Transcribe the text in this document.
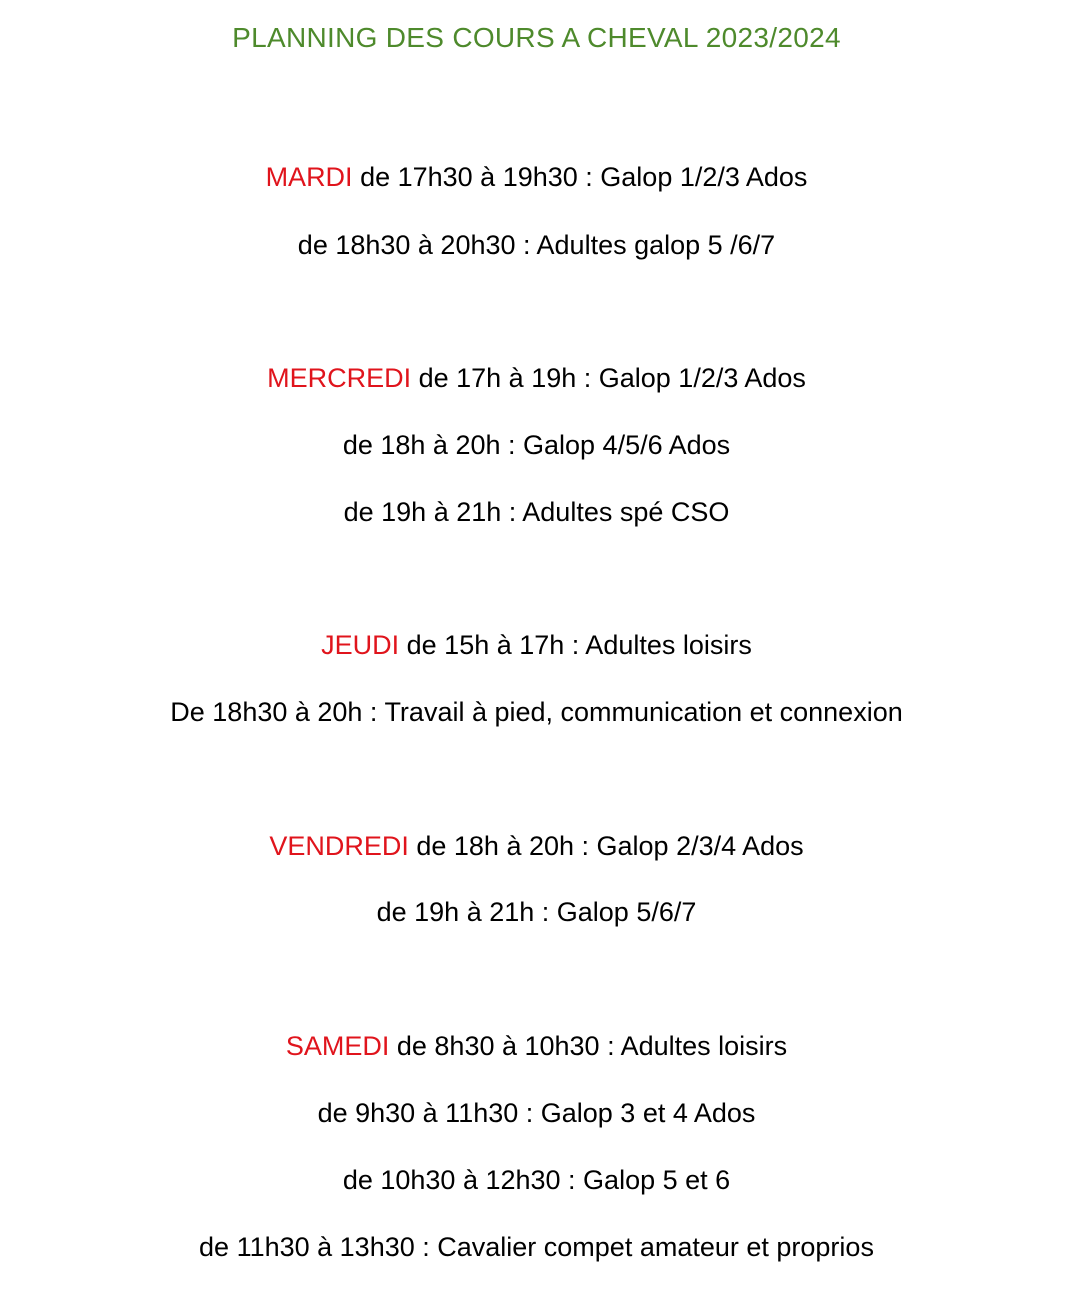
PLANNING DES COURS A CHEVAL 2023/2024
MARDI de 17h30 à 19h30 : Galop 1/2/3 Ados
de 18h30 à 20h30 : Adultes galop 5 /6/7
MERCREDI de 17h à 19h : Galop 1/2/3 Ados
de 18h à 20h : Galop 4/5/6 Ados
de 19h à 21h : Adultes spé CSO
JEUDI de 15h à 17h : Adultes loisirs
De 18h30 à 20h : Travail à pied, communication et connexion
VENDREDI de 18h à 20h : Galop 2/3/4 Ados
de 19h à 21h : Galop 5/6/7
SAMEDI de 8h30 à 10h30 : Adultes loisirs
de 9h30 à 11h30 : Galop 3 et 4 Ados
de 10h30 à 12h30 : Galop 5 et 6
de 11h30 à 13h30 : Cavalier compet amateur et proprios
